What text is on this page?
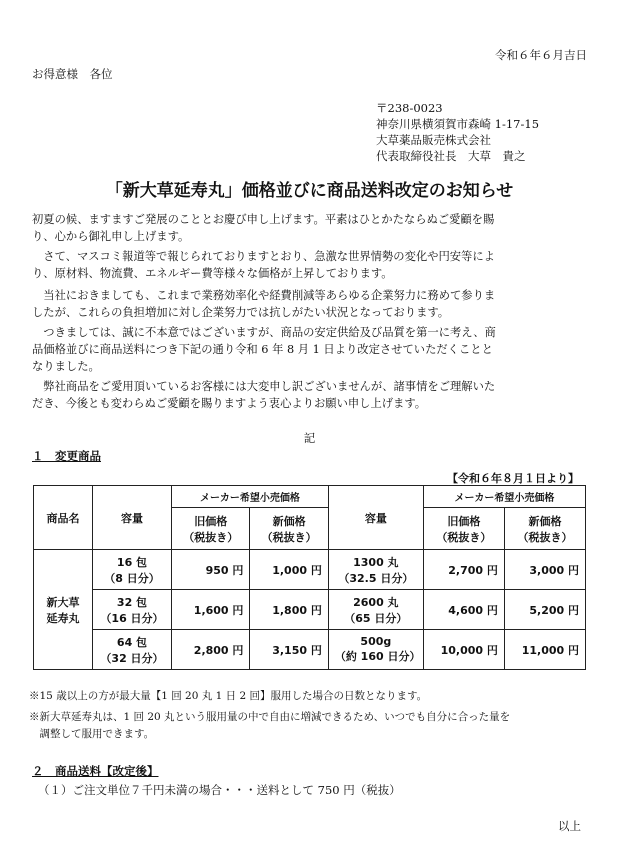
令和６年６月吉日
お得意様　各位
〒238-0023
神奈川県横須賀市森崎 1-17-15
大草薬品販売株式会社
代表取締役社長　大草　貴之
「新大草延寿丸」価格並びに商品送料改定のお知らせ

初夏の候、ますますご発展のこととお慶び申し上げます。平素はひとかたならぬご愛顧を賜

り、心から御礼申し上げます。

　さて、マスコミ報道等で報じられておりますとおり、急激な世界情勢の変化や円安等によ

り、原材料、物流費、エネルギー費等様々な価格が上昇しております。

　当社におきましても、これまで業務効率化や経費削減等あらゆる企業努力に務めて参りま

したが、これらの負担増加に対し企業努力では抗しがたい状況となっております。

　つきましては、誠に不本意ではございますが、商品の安定供給及び品質を第一に考え、商

品価格並びに商品送料につき下記の通り令和 6 年 8 月 1 日より改定させていただくことと

なりました。

　弊社商品をご愛用頂いているお客様には大変申し訳ございませんが、諸事情をご理解いた

だき、今後とも変わらぬご愛顧を賜りますよう衷心よりお願い申し上げます。

記
１　変更商品
【令和６年８月１日より】
商品名	容量	メーカー希望小売価格		容量	メーカー希望小売価格	
		旧価格
（税抜き）	新価格
（税抜き）		旧価格
（税抜き）	新価格
（税抜き）
新大草
延寿丸	16 包
（8 日分）	950 円	1,000 円	1300 丸
（32.5 日分）	2,700 円	3,000 円
	32 包
（16 日分）	1,600 円	1,800 円	2600 丸
（65 日分）	4,600 円	5,200 円
	64 包
（32 日分）	2,800 円	3,150 円	500g
（約 160 日分）	10,000 円	11,000 円
※15 歳以上の方が最大量【1 回 20 丸 1 日 2 回】服用した場合の日数となります。
※新大草延寿丸は、1 回 20 丸という服用量の中で自由に増減できるため、いつでも自分に合った量を
　調整して服用できます。
２　商品送料【改定後】
（１）ご注文単位７千円未満の場合・・・送料として 750 円（税抜）
以上
